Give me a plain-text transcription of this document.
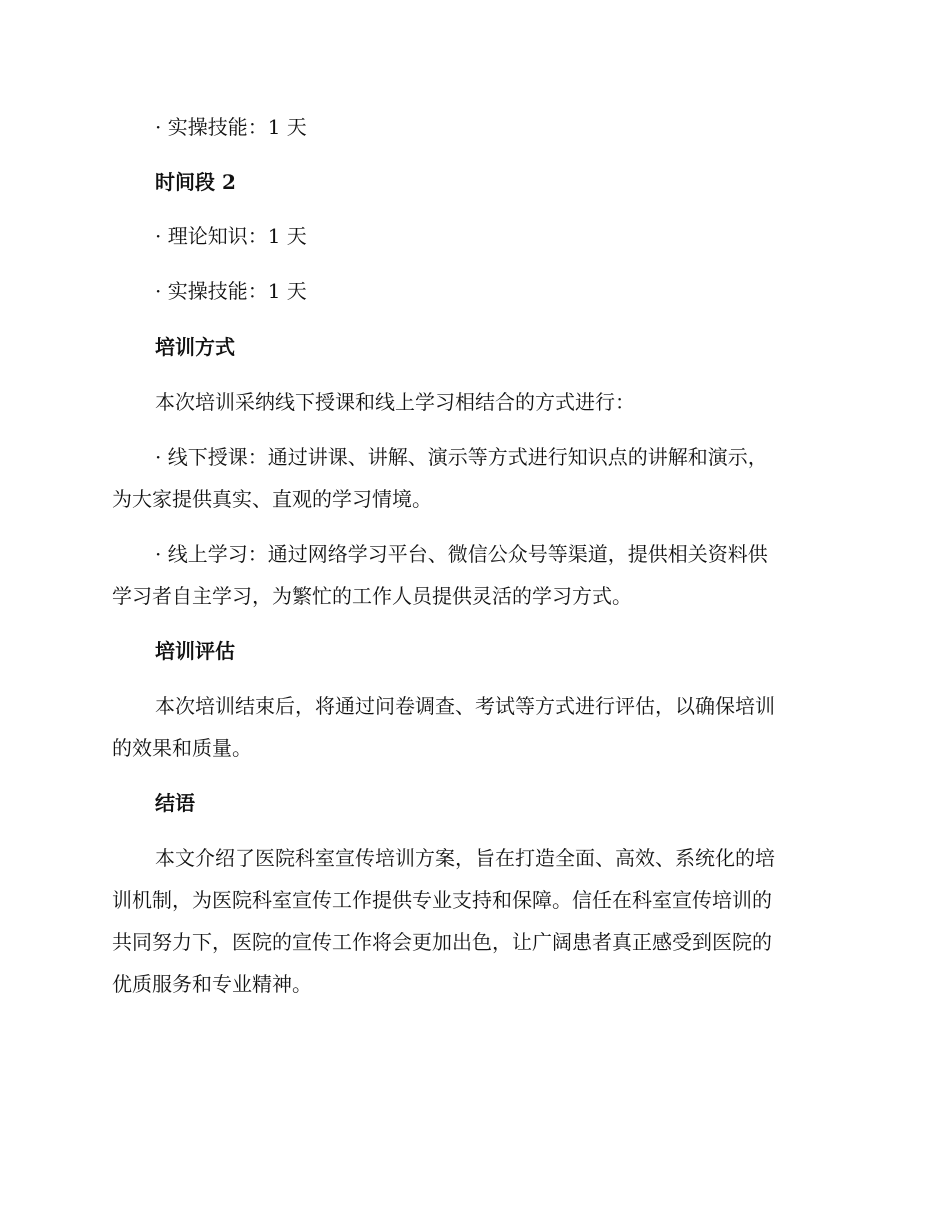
· 实操技能：1 天
时间段 2
· 理论知识：1 天
· 实操技能：1 天
培训方式
本次培训采纳线下授课和线上学习相结合的方式进行：
· 线下授课：通过讲课、讲解、演示等方式进行知识点的讲解和演示，
为大家提供真实、直观的学习情境。
· 线上学习：通过网络学习平台、微信公众号等渠道，提供相关资料供
学习者自主学习，为繁忙的工作人员提供灵活的学习方式。
培训评估
本次培训结束后，将通过问卷调查、考试等方式进行评估，以确保培训
的效果和质量。
结语
本文介绍了医院科室宣传培训方案，旨在打造全面、高效、系统化的培
训机制，为医院科室宣传工作提供专业支持和保障。信任在科室宣传培训的
共同努力下，医院的宣传工作将会更加出色，让广阔患者真正感受到医院的
优质服务和专业精神。
